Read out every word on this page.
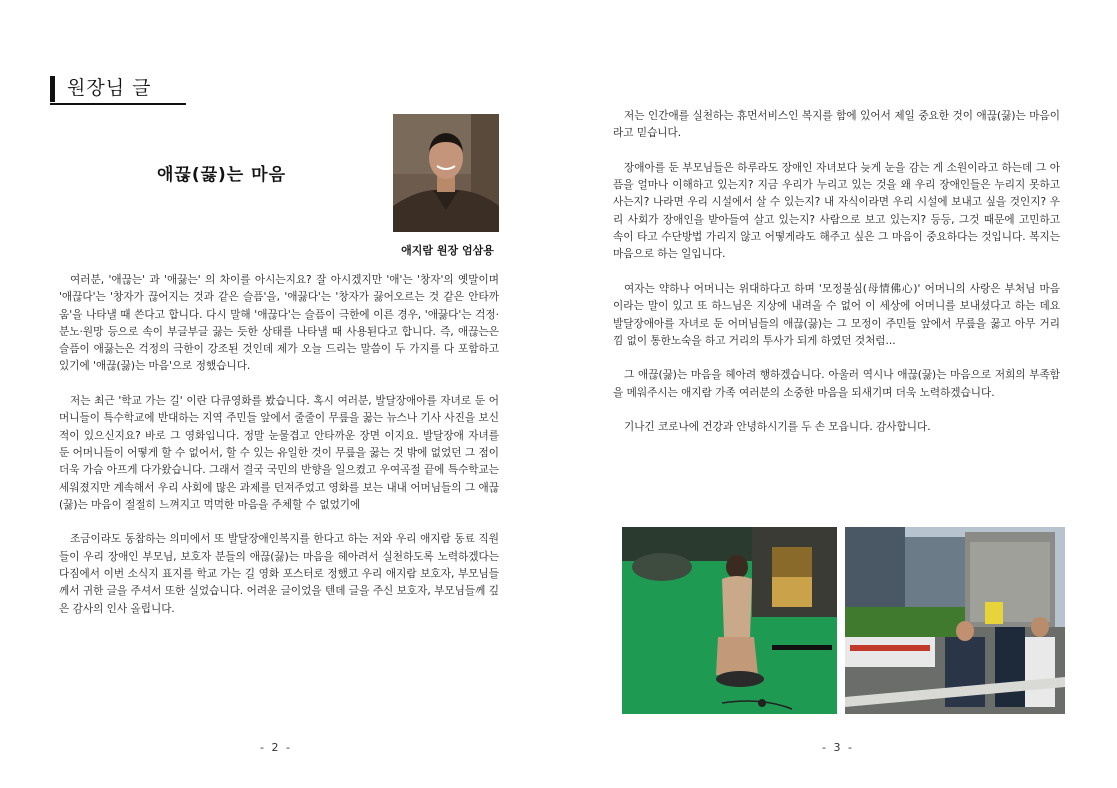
원장님 글
애끊(끓)는 마음
애지람 원장 엄삼용

여러분, '애끊는' 과 '애끓는' 의 차이를 아시는지요? 잘 아시겠지만 '애'는 '창자'의 옛말이며 '애끊다'는 '창자가 끊어지는 것과 같은 슬픔'을, '애끓다'는 '창자가 끓어오르는 것 같은 안타까움'을 나타낼 때 쓴다고 합니다. 다시 말해 '애끊다'는 슬픔이 극한에 이른 경우, '애끓다'는 걱정·분노·원망 등으로 속이 부글부글 끓는 듯한 상태를 나타낼 때 사용된다고 합니다. 즉, 애끊는은 슬픔이 애끓는은 걱정의 극한이 강조된 것인데 제가 오늘 드리는 말씀이 두 가지를 다 포함하고 있기에 '애끊(끓)는 마음'으로 정했습니다.

저는 최근 '학교 가는 길' 이란 다큐영화를 봤습니다. 혹시 여러분, 발달장애아를 자녀로 둔 어머니들이 특수학교에 반대하는 지역 주민들 앞에서 줄줄이 무릎을 꿇는 뉴스나 기사 사진을 보신 적이 있으신지요? 바로 그 영화입니다. 정말 눈물겹고 안타까운 장면 이지요. 발달장애 자녀를 둔 어머니들이 어떻게 할 수 없어서, 할 수 있는 유일한 것이 무릎을 꿇는 것 밖에 없었던 그 점이 더욱 가슴 아프게 다가왔습니다. 그래서 결국 국민의 반향을 일으켰고 우여곡절 끝에 특수학교는 세워졌지만 계속해서 우리 사회에 많은 과제를 던져주었고 영화를 보는 내내 어머님들의 그 애끊(끓)는 마음이 절절히 느껴지고 먹먹한 마음을 주체할 수 없었기에

조금이라도 동참하는 의미에서 또 발달장애인복지를 한다고 하는 저와 우리 애지람 동료 직원들이 우리 장애인 부모님, 보호자 분들의 애끊(끓)는 마음을 헤아려서 실천하도록 노력하겠다는 다짐에서 이번 소식지 표지를 학교 가는 길 영화 포스터로 정했고 우리 애지람 보호자, 부모님들께서 귀한 글을 주셔서 또한 실었습니다. 어려운 글이었을 텐데 글을 주신 보호자, 부모님들께 깊은 감사의 인사 올립니다.

- 2 -

저는 인간애를 실천하는 휴먼서비스인 복지를 함에 있어서 제일 중요한 것이 애끊(끓)는 마음이라고 믿습니다.

장애아를 둔 부모님들은 하루라도 장애인 자녀보다 늦게 눈을 감는 게 소원이라고 하는데 그 아픔을 얼마나 이해하고 있는지? 지금 우리가 누리고 있는 것을 왜 우리 장애인들은 누리지 못하고 사는지? 나라면 우리 시설에서 살 수 있는지? 내 자식이라면 우리 시설에 보내고 싶을 것인지? 우리 사회가 장애인을 받아들여 살고 있는지? 사람으로 보고 있는지? 등등, 그것 때문에 고민하고 속이 타고 수단방법 가리지 않고 어떻게라도 해주고 싶은 그 마음이 중요하다는 것입니다. 복지는 마음으로 하는 일입니다.

여자는 약하나 어머니는 위대하다고 하며 '모정불심(母情佛心)' 어머니의 사랑은 부처님 마음 이라는 말이 있고 또 하느님은 지상에 내려올 수 없어 이 세상에 어머니를 보내셨다고 하는 데요 발달장애아를 자녀로 둔 어머님들의 애끊(끓)는 그 모정이 주민들 앞에서 무릎을 꿇고 아무 거리낌 없이 통한노숙을 하고 거리의 투사가 되게 하였던 것처럼...

그 애끊(끓)는 마음을 헤아려 행하겠습니다. 아울러 역시나 애끊(끓)는 마음으로 저희의 부족함을 메워주시는 애지람 가족 여러분의 소중한 마음을 되새기며 더욱 노력하겠습니다.

기나긴 코로나에 건강과 안녕하시기를 두 손 모읍니다. 감사합니다.

- 3 -
